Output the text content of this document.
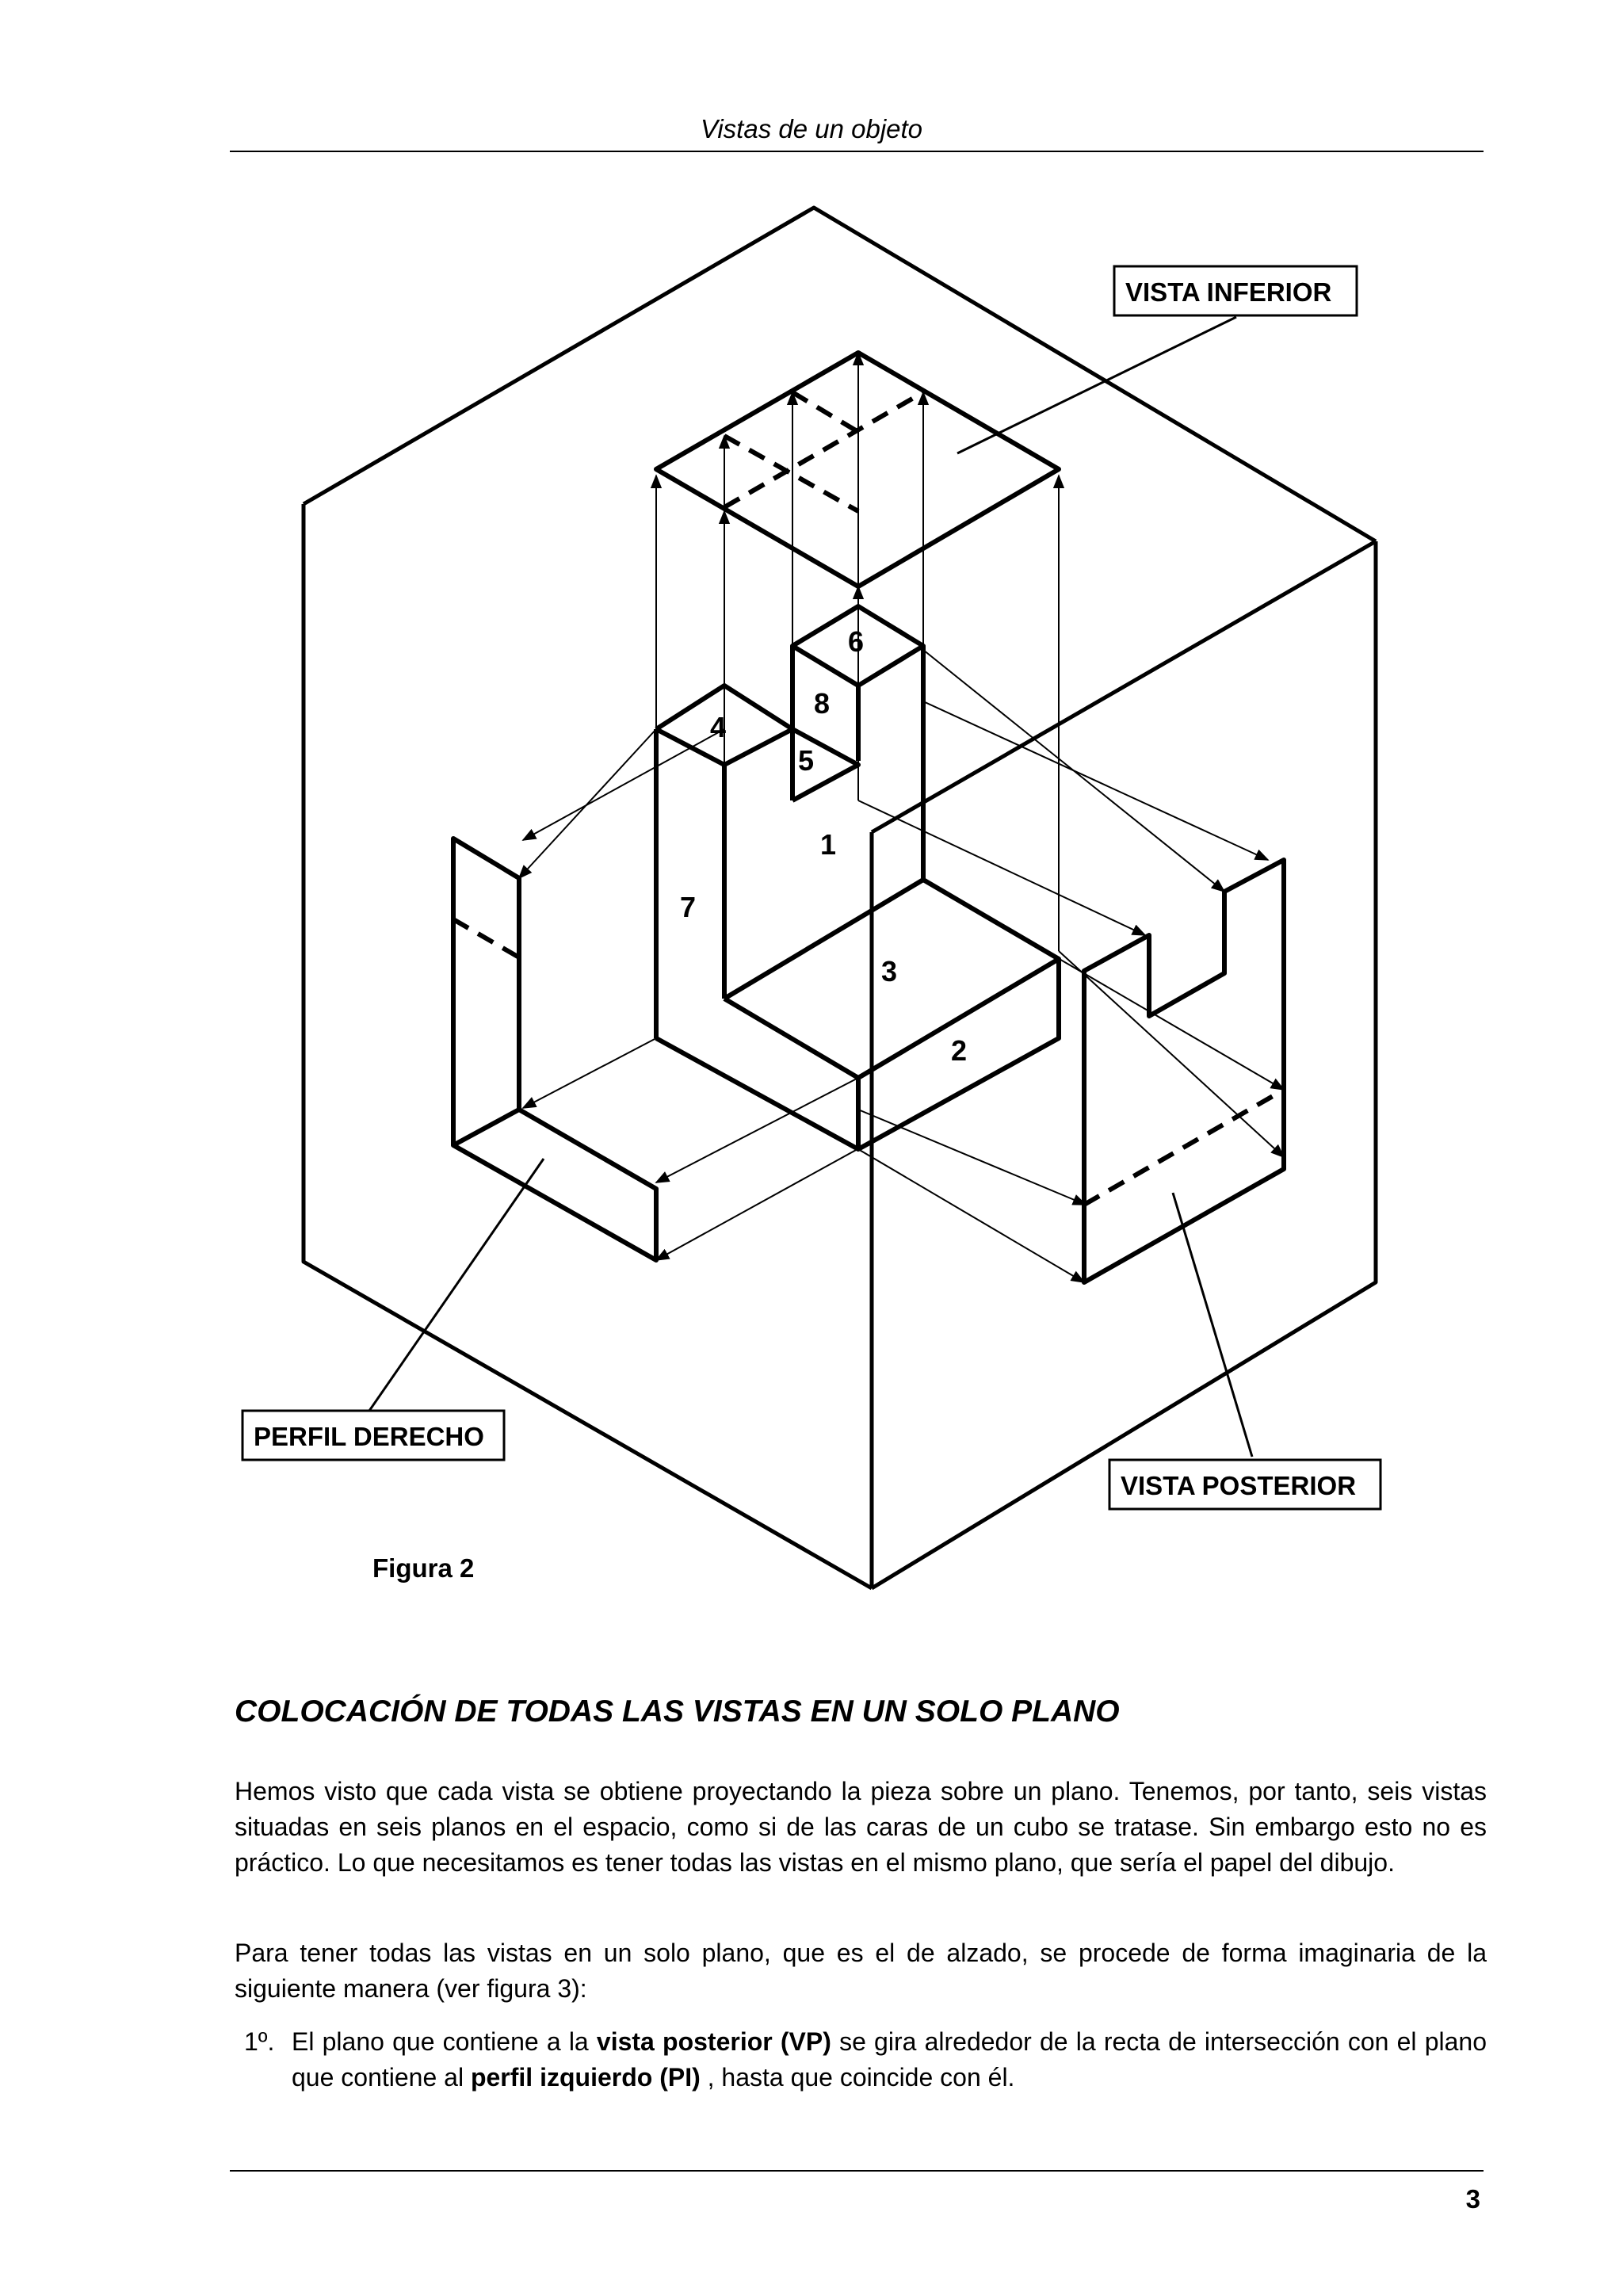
Vistas de un objeto
1
2
3
4
5
6
7
8
VISTA INFERIOR
PERFIL DERECHO
VISTA POSTERIOR
Figura 2
COLOCACIÓN DE TODAS LAS VISTAS EN UN SOLO PLANO
Hemos visto que cada vista se obtiene proyectando la pieza sobre un plano. Tenemos, por tanto, seis vistas situadas en seis planos en el espacio, como si de las caras de un cubo se tratase. Sin embargo esto no es práctico. Lo que necesitamos es tener todas las vistas en el mismo plano, que sería el papel del dibujo.
Para tener todas las vistas en un solo plano, que es el de alzado, se procede de forma imaginaria de la siguiente manera (ver figura 3):
1º. El plano que contiene a la vista posterior (VP) se gira alrededor de la recta de intersección con el plano que contiene al perfil izquierdo (PI) , hasta que coincide con él.
3
